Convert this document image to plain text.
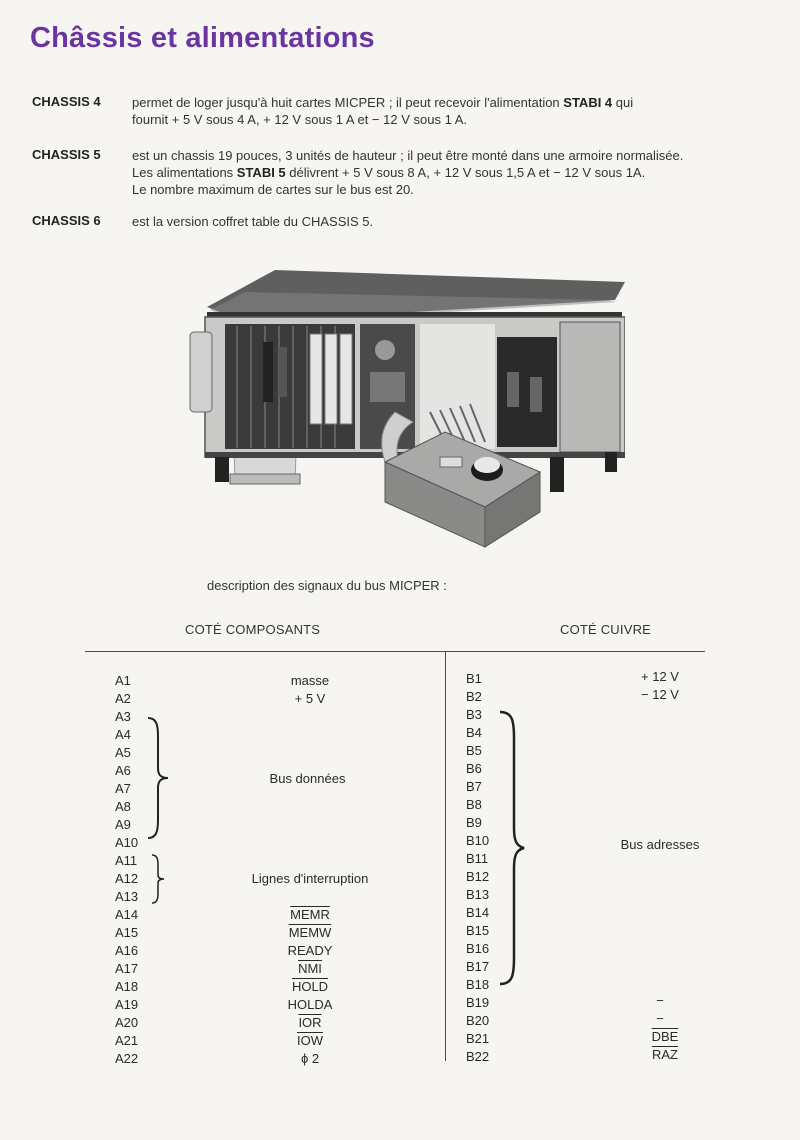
Châssis et alimentations
CHASSIS 4 permet de loger jusqu'à huit cartes MICPER ; il peut recevoir l'alimentation STABI 4 qui
fournit + 5 V sous 4 A, + 12 V sous 1 A et − 12 V sous 1 A.
CHASSIS 5 est un chassis 19 pouces, 3 unités de hauteur ; il peut être monté dans une armoire normalisée.
Les alimentations STABI 5 délivrent + 5 V sous 8 A, + 12 V sous 1,5 A et − 12 V sous 1A.
Le nombre maximum de cartes sur le bus est 20.
CHASSIS 6 est la version coffret table du CHASSIS 5.
description des signaux du bus MICPER :
COTÉ COMPOSANTS	COTÉ CUIVRE
A1
A2
A3
A4
A5
A6
A7
A8
A9
A10
A11
A12
A13
A14
A15
A16
A17
A18
A19
A20
A21
A22
masse
+ 5 V
Bus données
Lignes d'interruption
MEMR
MEMW
READY
$\overline{NMI}$
HOLD
HOLDA
$\overline{IOR}$
$\overline{IOW}$
ϕ 2
B1
B2
B3
B4
B5
B6
B7
B8
B9
B10
B11
B12
B13
B14
B15
B16
B17
B18
B19
B20
B21
B22
+ 12 V
− 12 V
Bus adresses
−
−
$\overline{DBE}$
$\overline{RAZ}$
